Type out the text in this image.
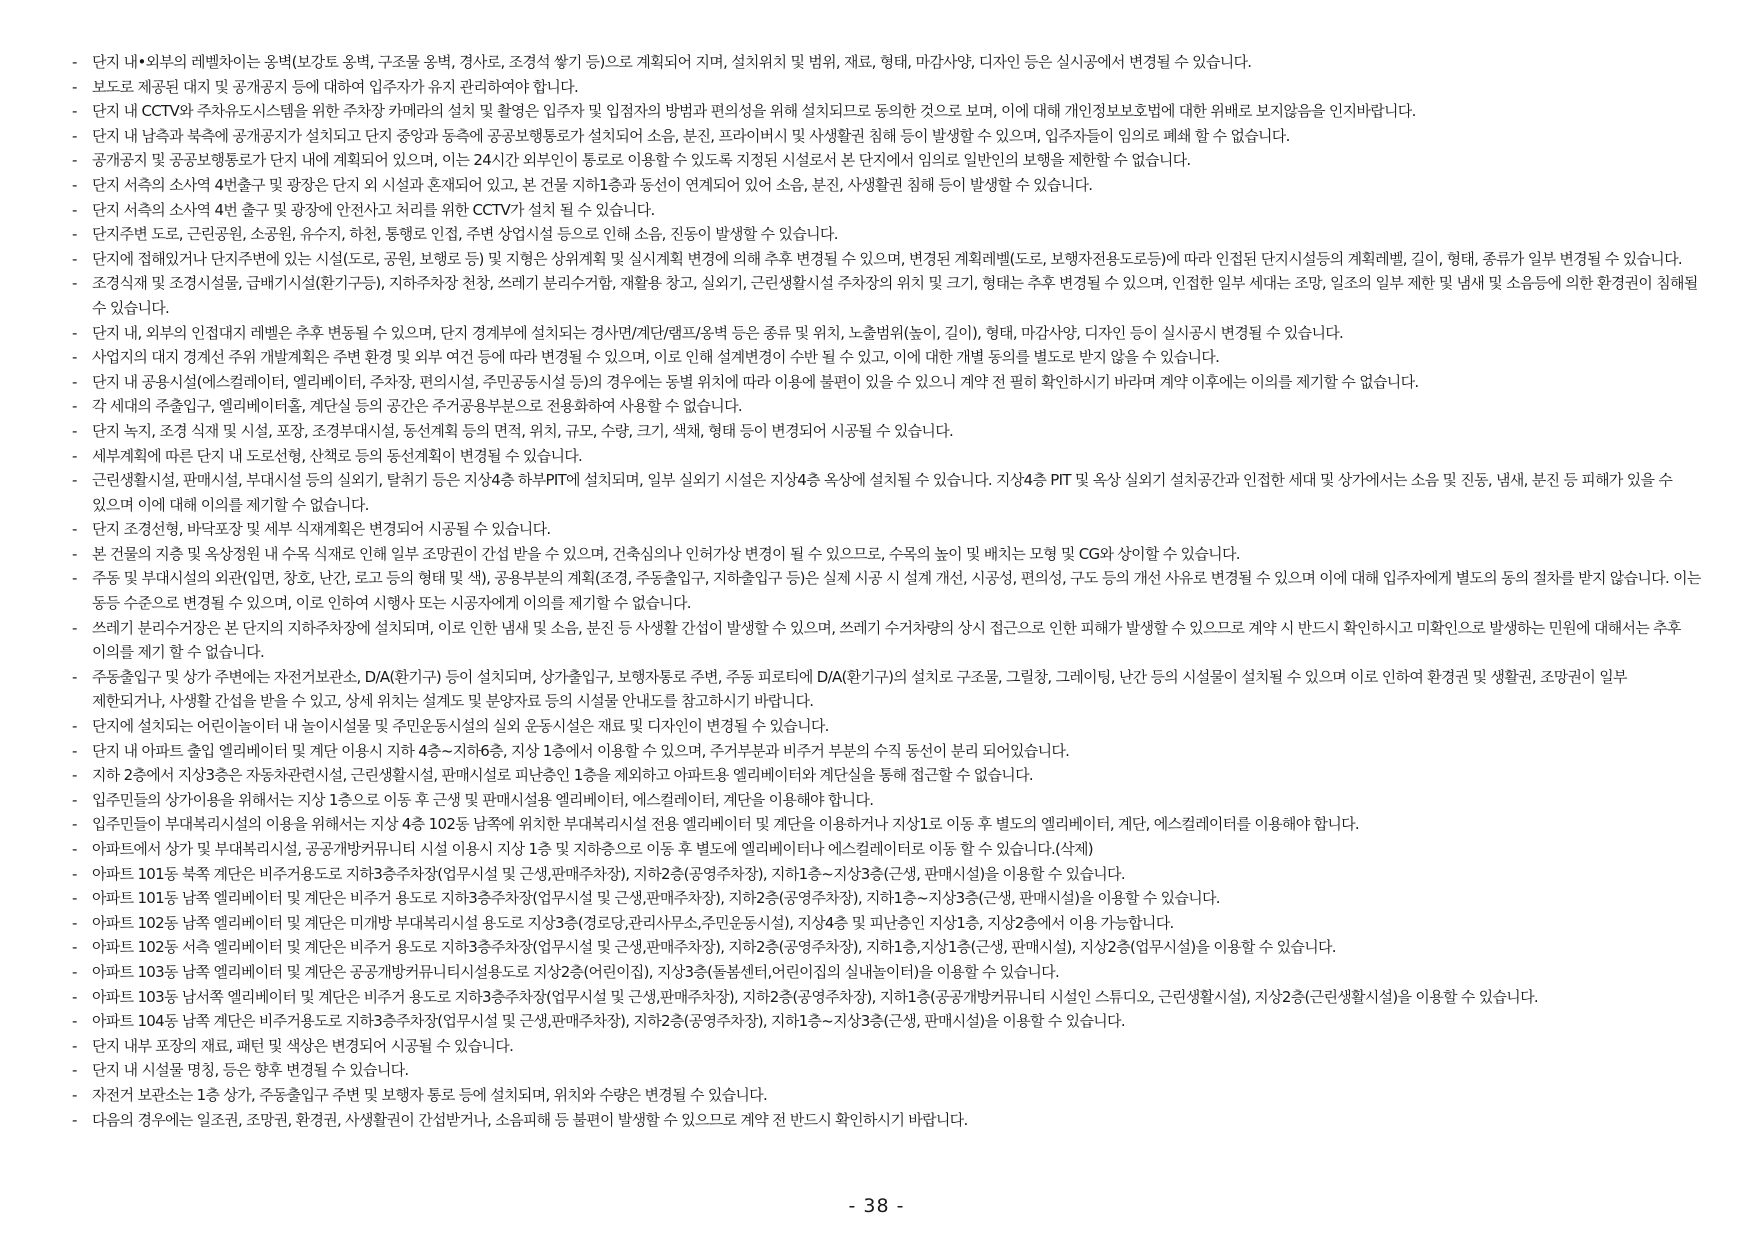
- 단지 내•외부의 레벨차이는 옹벽(보강토 옹벽, 구조물 옹벽, 경사로, 조경석 쌓기 등)으로 계획되어 지며, 설치위치 및 범위, 재료, 형태, 마감사양, 디자인 등은 실시공에서 변경될 수 있습니다.
- 보도로 제공된 대지 및 공개공지 등에 대하여 입주자가 유지 관리하여야 합니다.
- 단지 내 CCTV와 주차유도시스템을 위한 주차장 카메라의 설치 및 촬영은 입주자 및 입점자의 방범과 편의성을 위해 설치되므로 동의한 것으로 보며, 이에 대해 개인정보보호법에 대한 위배로 보지않음을 인지바랍니다.
- 단지 내 남측과 북측에 공개공지가 설치되고 단지 중앙과 동측에 공공보행통로가 설치되어 소음, 분진, 프라이버시 및 사생활권 침해 등이 발생할 수 있으며, 입주자들이 임의로 폐쇄 할 수 없습니다.
- 공개공지 및 공공보행통로가 단지 내에 계획되어 있으며, 이는 24시간 외부인이 통로로 이용할 수 있도록 지정된 시설로서 본 단지에서 임의로 일반인의 보행을 제한할 수 없습니다.
- 단지 서측의 소사역 4번출구 및 광장은 단지 외 시설과 혼재되어 있고, 본 건물 지하1층과 동선이 연계되어 있어 소음, 분진, 사생활권 침해 등이 발생할 수 있습니다.
- 단지 서측의 소사역 4번 출구 및 광장에 안전사고 처리를 위한 CCTV가 설치 될 수 있습니다.
- 단지주변 도로, 근린공원, 소공원, 유수지, 하천, 통행로 인접, 주변 상업시설 등으로 인해 소음, 진동이 발생할 수 있습니다.
- 단지에 접해있거나 단지주변에 있는 시설(도로, 공원, 보행로 등) 및 지형은 상위계획 및 실시계획 변경에 의해 추후 변경될 수 있으며, 변경된 계획레벨(도로, 보행자전용도로등)에 따라 인접된 단지시설등의 계획레벨, 길이, 형태, 종류가 일부 변경될 수 있습니다.
- 조경식재 및 조경시설물, 급배기시설(환기구등), 지하주차장 천창, 쓰레기 분리수거함, 재활용 창고, 실외기, 근린생활시설 주차장의 위치 및 크기, 형태는 추후 변경될 수 있으며, 인접한 일부 세대는 조망, 일조의 일부 제한 및 냄새 및 소음등에 의한 환경권이 침해될 수 있습니다.
- 단지 내, 외부의 인접대지 레벨은 추후 변동될 수 있으며, 단지 경계부에 설치되는 경사면/계단/램프/옹벽 등은 종류 및 위치, 노출범위(높이, 길이), 형태, 마감사양, 디자인 등이 실시공시 변경될 수 있습니다.
- 사업지의 대지 경계선 주위 개발계획은 주변 환경 및 외부 여건 등에 따라 변경될 수 있으며, 이로 인해 설계변경이 수반 될 수 있고, 이에 대한 개별 동의를 별도로 받지 않을 수 있습니다.
- 단지 내 공용시설(에스컬레이터, 엘리베이터, 주차장, 편의시설, 주민공동시설 등)의 경우에는 동별 위치에 따라 이용에 불편이 있을 수 있으니 계약 전 필히 확인하시기 바라며 계약 이후에는 이의를 제기할 수 없습니다.
- 각 세대의 주출입구, 엘리베이터홀, 계단실 등의 공간은 주거공용부분으로 전용화하여 사용할 수 없습니다.
- 단지 녹지, 조경 식재 및 시설, 포장, 조경부대시설, 동선계획 등의 면적, 위치, 규모, 수량, 크기, 색채, 형태 등이 변경되어 시공될 수 있습니다.
- 세부계획에 따른 단지 내 도로선형, 산책로 등의 동선계획이 변경될 수 있습니다.
- 근린생활시설, 판매시설, 부대시설 등의 실외기, 탈취기 등은 지상4층 하부PIT에 설치되며, 일부 실외기 시설은 지상4층 옥상에 설치될 수 있습니다. 지상4층 PIT 및 옥상 실외기 설치공간과 인접한 세대 및 상가에서는 소음 및 진동, 냄새, 분진 등 피해가 있을 수 있으며 이에 대해 이의를 제기할 수 없습니다.
- 단지 조경선형, 바닥포장 및 세부 식재계획은 변경되어 시공될 수 있습니다.
- 본 건물의 지층 및 옥상정원 내 수목 식재로 인해 일부 조망권이 간섭 받을 수 있으며, 건축심의나 인허가상 변경이 될 수 있으므로, 수목의 높이 및 배치는 모형 및 CG와 상이할 수 있습니다.
- 주동 및 부대시설의 외관(입면, 창호, 난간, 로고 등의 형태 및 색), 공용부분의 계획(조경, 주동출입구, 지하출입구 등)은 실제 시공 시 설계 개선, 시공성, 편의성, 구도 등의 개선 사유로 변경될 수 있으며 이에 대해 입주자에게 별도의 동의 절차를 받지 않습니다. 이는 동등 수준으로 변경될 수 있으며, 이로 인하여 시행사 또는 시공자에게 이의를 제기할 수 없습니다.
- 쓰레기 분리수거장은 본 단지의 지하주차장에 설치되며, 이로 인한 냄새 및 소음, 분진 등 사생활 간섭이 발생할 수 있으며, 쓰레기 수거차량의 상시 접근으로 인한 피해가 발생할 수 있으므로 계약 시 반드시 확인하시고 미확인으로 발생하는 민원에 대해서는 추후 이의를 제기 할 수 없습니다.
- 주동출입구 및 상가 주변에는 자전거보관소, D/A(환기구) 등이 설치되며, 상가출입구, 보행자통로 주변, 주동 피로티에 D/A(환기구)의 설치로 구조물, 그릴창, 그레이팅, 난간 등의 시설물이 설치될 수 있으며 이로 인하여 환경권 및 생활권, 조망권이 일부 제한되거나, 사생활 간섭을 받을 수 있고, 상세 위치는 설계도 및 분양자료 등의 시설물 안내도를 참고하시기 바랍니다.
- 단지에 설치되는 어린이놀이터 내 놀이시설물 및 주민운동시설의 실외 운동시설은 재료 및 디자인이 변경될 수 있습니다.
- 단지 내 아파트 출입 엘리베이터 및 계단 이용시 지하 4층~지하6층, 지상 1층에서 이용할 수 있으며, 주거부분과 비주거 부분의 수직 동선이 분리 되어있습니다.
- 지하 2층에서 지상3층은 자동차관련시설, 근린생활시설, 판매시설로 피난층인 1층을 제외하고 아파트용 엘리베이터와 계단실을 통해 접근할 수 없습니다.
- 입주민들의 상가이용을 위해서는 지상 1층으로 이동 후 근생 및 판매시설용 엘리베이터, 에스컬레이터, 계단을 이용해야 합니다.
- 입주민들이 부대복리시설의 이용을 위해서는 지상 4층 102동 남쪽에 위치한 부대복리시설 전용 엘리베이터 및 계단을 이용하거나 지상1로 이동 후 별도의 엘리베이터, 계단, 에스컬레이터를 이용해야 합니다.
- 아파트에서 상가 및 부대복리시설, 공공개방커뮤니티 시설 이용시 지상 1층 및 지하층으로 이동 후 별도에 엘리베이터나 에스컬레이터로 이동 할 수 있습니다.(삭제)
- 아파트 101동 북쪽 계단은 비주거용도로 지하3층주차장(업무시설 및 근생,판매주차장), 지하2층(공영주차장), 지하1층~지상3층(근생, 판매시설)을 이용할 수 있습니다.
- 아파트 101동 남쪽 엘리베이터 및 계단은 비주거 용도로 지하3층주차장(업무시설 및 근생,판매주차장), 지하2층(공영주차장), 지하1층~지상3층(근생, 판매시설)을 이용할 수 있습니다.
- 아파트 102동 남쪽 엘리베이터 및 계단은 미개방 부대복리시설 용도로 지상3층(경로당,관리사무소,주민운동시설), 지상4층 및 피난층인 지상1층, 지상2층에서 이용 가능합니다.
- 아파트 102동 서측 엘리베이터 및 계단은 비주거 용도로 지하3층주차장(업무시설 및 근생,판매주차장), 지하2층(공영주차장), 지하1층,지상1층(근생, 판매시설), 지상2층(업무시설)을 이용할 수 있습니다.
- 아파트 103동 남쪽 엘리베이터 및 계단은 공공개방커뮤니티시설용도로 지상2층(어린이집), 지상3층(돌봄센터,어린이집의 실내놀이터)을 이용할 수 있습니다.
- 아파트 103동 남서쪽 엘리베이터 및 계단은 비주거 용도로 지하3층주차장(업무시설 및 근생,판매주차장), 지하2층(공영주차장), 지하1층(공공개방커뮤니티 시설인 스튜디오, 근린생활시설), 지상2층(근린생활시설)을 이용할 수 있습니다.
- 아파트 104동 남쪽 계단은 비주거용도로 지하3층주차장(업무시설 및 근생,판매주차장), 지하2층(공영주차장), 지하1층~지상3층(근생, 판매시설)을 이용할 수 있습니다.
- 단지 내부 포장의 재료, 패턴 및 색상은 변경되어 시공될 수 있습니다.
- 단지 내 시설물 명칭, 등은 향후 변경될 수 있습니다.
- 자전거 보관소는 1층 상가, 주동출입구 주변 및 보행자 통로 등에 설치되며, 위치와 수량은 변경될 수 있습니다.
- 다음의 경우에는 일조권, 조망권, 환경권, 사생활권이 간섭받거나, 소음피해 등 불편이 발생할 수 있으므로 계약 전 반드시 확인하시기 바랍니다.
- 38 -
